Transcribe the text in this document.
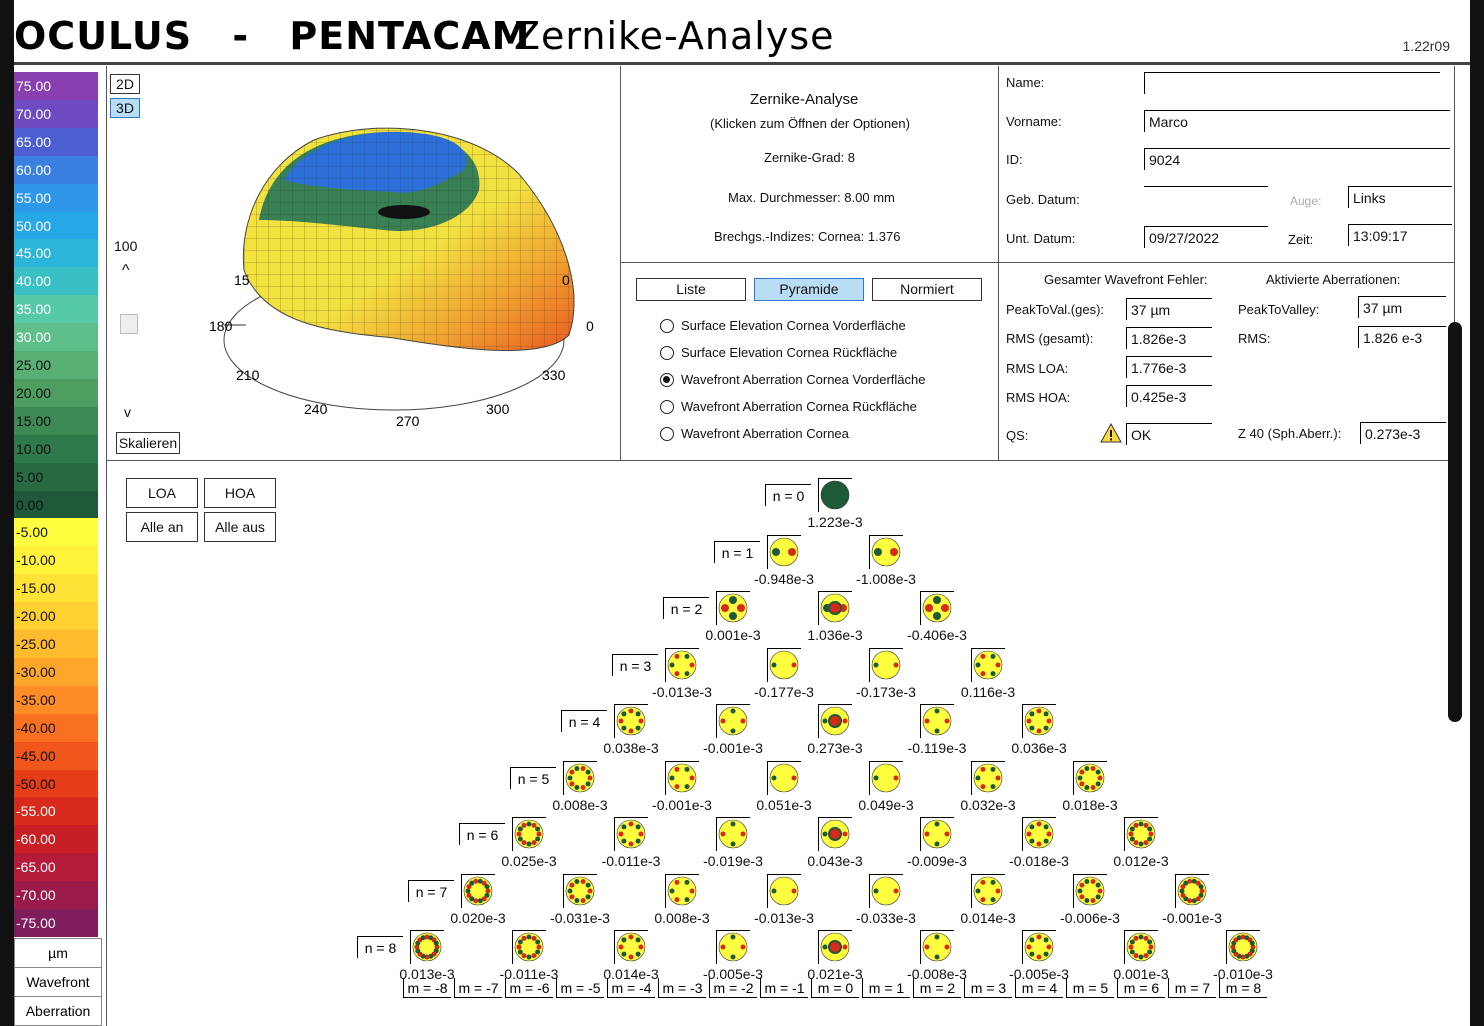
OCULUS - PENTACAM
Zernike-Analyse	1.22r09
75.00
70.00
65.00
60.00
55.00
50.00
45.00
40.00
35.00
30.00
25.00
20.00
15.00
10.00
5.00
0.00
-5.00
-10.00
-15.00
-20.00
-25.00
-30.00
-35.00
-40.00
-45.00
-50.00
-55.00
-60.00
-65.00
-70.00
-75.00
µm
Wavefront
Aberration
2D
3D
100
^
v
Skalieren
180	0
210	330
240
270
300
15	0
Zernike-Analyse
(Klicken zum Öffnen der Optionen)
Zernike-Grad: 8
Max. Durchmesser: 8.00 mm
Brechgs.-Indizes: Cornea: 1.376
Name:
Vorname:	Marco
ID:	9024
Geb. Datum:	Auge:	Links
Unt. Datum:	09/27/2022	Zeit:	13:09:17
Liste	Pyramide	Normiert
Surface Elevation Cornea Vorderfläche
Surface Elevation Cornea Rückfläche
Wavefront Aberration Cornea Vorderfläche
Wavefront Aberration Cornea Rückfläche
Wavefront Aberration Cornea
Gesamter Wavefront Fehler:	Aktivierte Aberrationen:
PeakToVal.(ges):	37 µm
RMS (gesamt):	1.826e-3
RMS LOA:	1.776e-3
RMS HOA:	0.425e-3
QS:	OK
PeakToValley:	37 µm
RMS:	1.826 e-3
Z 40 (Sph.Aberr.):	0.273e-3
LOA	HOA
Alle an	Alle aus
n = 0
1.223e-3
n = 1
-0.948e-3	-1.008e-3
n = 2
0.001e-3	1.036e-3	-0.406e-3
n = 3
-0.013e-3	-0.177e-3	-0.173e-3	0.116e-3
n = 4
0.038e-3	-0.001e-3	0.273e-3	-0.119e-3	0.036e-3
n = 5
0.008e-3	-0.001e-3	0.051e-3	0.049e-3	0.032e-3	0.018e-3
n = 6
0.025e-3	-0.011e-3	-0.019e-3	0.043e-3	-0.009e-3	-0.018e-3	0.012e-3
n = 7
0.020e-3	-0.031e-3	0.008e-3	-0.013e-3	-0.033e-3	0.014e-3	-0.006e-3	-0.001e-3
n = 8
0.013e-3	-0.011e-3	0.014e-3	-0.005e-3	0.021e-3	-0.008e-3	-0.005e-3	0.001e-3	-0.010e-3
m = -8 m = -7 m = -6 m = -5 m = -4 m = -3 m = -2 m = -1 m = 0	m = 1	m = 2	m = 3	m = 4	m = 5	m = 6	m = 7	m = 8
